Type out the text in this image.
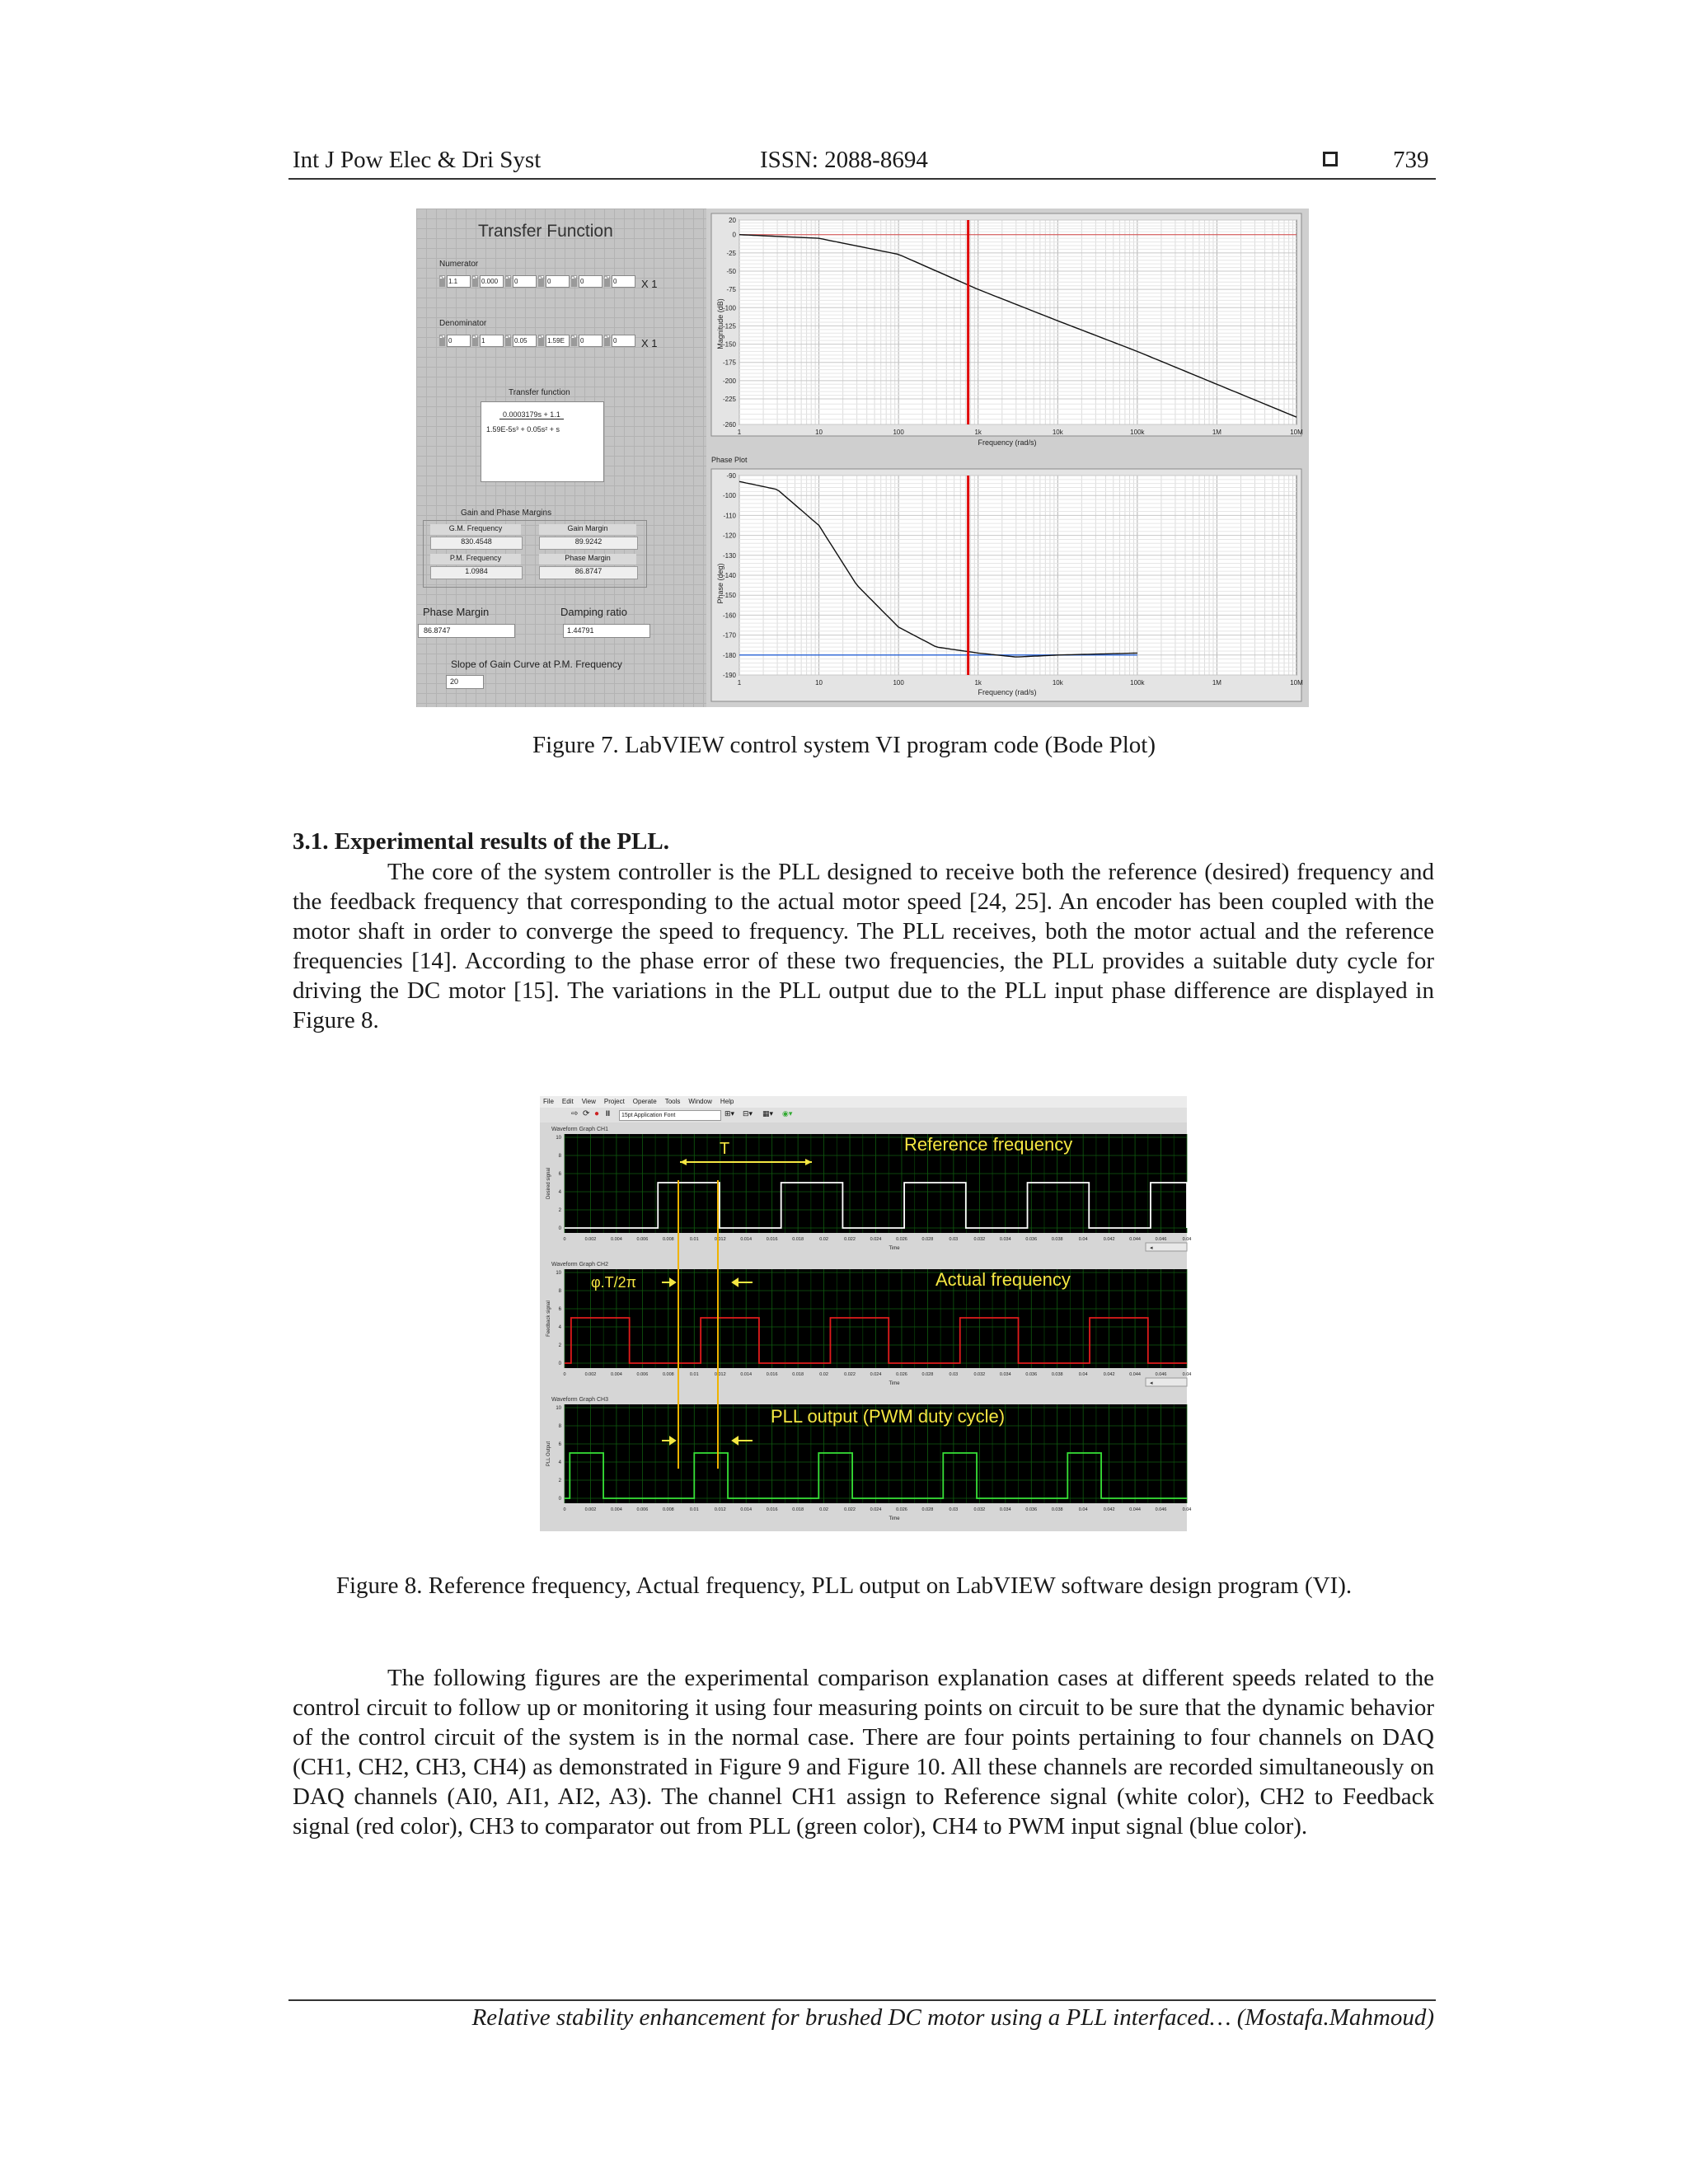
Int J Pow Elec & Dri Syst	ISSN: 2088-8694	739
Transfer Function
Numerator
▴▾ 1.1	▴▾ 0.000	▴▾ 0	▴▾ 0	▴▾ 0	▴▾ 0	X 1
Denominator
▴▾ 0	▴▾ 1	▴▾ 0.05	▴▾ 1.59E	▴▾ 0	▴▾ 0	X 1
Transfer function
$\frac{0.0003179s + 1.1}{\text{1.59E-5s³ + 0.05s² + s}}$
Gain and Phase Margins
G.M. Frequency
830.4548
Gain Margin
89.9242
P.M. Frequency
1.0984
Phase Margin
86.8747
Phase Margin
86.8747
Damping ratio
1.44791
Slope of Gain Curve at P.M. Frequency
20
Phase Plot
1	10	100	1k	10k	100k	1M	10M
20
0
-25
-50
-75
-100
-125
-150
-175
-200
-225
-260
1	10	100	1k	10k	100k	1M	10M
-90
-100
-110
-120
-130
-140
-150
-160
-170
-180
-190
Frequency (rad/s)
Magnitude (dB)
Frequency (rad/s)
Phase (deg)
Figure 7. LabVIEW control system VI program code (Bode Plot)
3.1. Experimental results of the PLL.

The core of the system controller is the PLL designed to receive both the reference (desired) frequency and the feedback frequency that corresponding to the actual motor speed [24, 25]. An encoder has been coupled with the motor shaft in order to converge the speed to frequency. The PLL receives, both the motor actual and the reference frequencies [14]. According to the phase error of these two frequencies, the PLL provides a suitable duty cycle for driving the DC motor [15]. The variations in the PLL output due to the PLL input phase difference are displayed in Figure 8.

File Edit View Project Operate Tools Window Help
⇨ ⟳ ● II	15pt Application Font	⊞▾ ⊟▾ ▦▾ ◉▾
Waveform Graph CH1
0
2
4
6
8
10
0	0.002	0.004	0.006	0.008	0.01	0.012	0.014	0.016	0.018	0.02	0.022	0.024	0.026	0.028	0.03	0.032	0.034	0.036	0.038	0.04	0.042	0.044	0.046	0.04
Time
Desired signal
◂
Waveform Graph CH2
0
2
4
6
8
10
0	0.002	0.004	0.006	0.008	0.01	0.012	0.014	0.016	0.018	0.02	0.022	0.024	0.026	0.028	0.03	0.032	0.034	0.036	0.038	0.04	0.042	0.044	0.046	0.04
Time
Feedback signal
◂
Waveform Graph CH3
0
2
4
6
8
10
0	0.002	0.004	0.006	0.008	0.01	0.012	0.014	0.016	0.018	0.02	0.022	0.024	0.026	0.028	0.03	0.032	0.034	0.036	0.038	0.04	0.042	0.044	0.046	0.04
Time
PLL Output
T	Reference frequency
φ.T/2π	Actual frequency
PLL output (PWM duty cycle)
Figure 8. Reference frequency, Actual frequency, PLL output on LabVIEW software design program (VI).

The following figures are the experimental comparison explanation cases at different speeds related to the control circuit to follow up or monitoring it using four measuring points on circuit to be sure that the dynamic behavior of the control circuit of the system is in the normal case. There are four points pertaining to four channels on DAQ (CH1, CH2, CH3, CH4) as demonstrated in Figure 9 and Figure 10. All these channels are recorded simultaneously on DAQ channels (AI0, AI1, AI2, A3). The channel CH1 assign to Reference signal (white color), CH2 to Feedback signal (red color), CH3 to comparator out from PLL (green color), CH4 to PWM input signal (blue color).

Relative stability enhancement for brushed DC motor using a PLL interfaced… (Mostafa.Mahmoud)
